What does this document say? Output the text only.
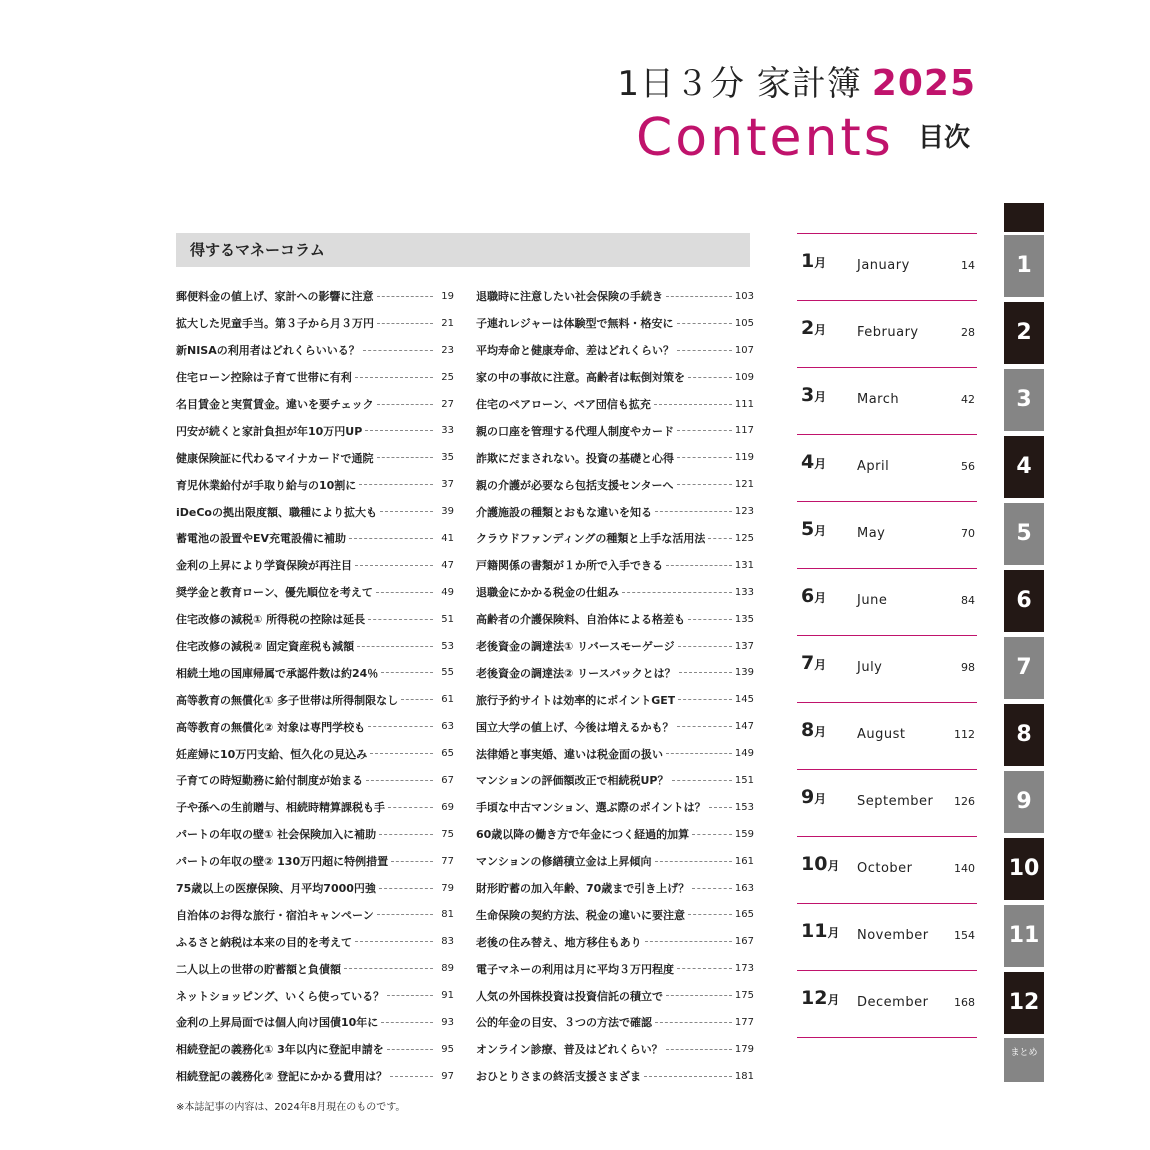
1日３分 家計簿 2025
Contents 目次
得するマネーコラム
郵便料金の値上げ、家計への影響に注意	19
拡大した児童手当。第３子から月３万円	21
新NISAの利用者はどれくらいいる？	23
住宅ローン控除は子育て世帯に有利	25
名目賃金と実質賃金。違いを要チェック	27
円安が続くと家計負担が年10万円UP	33
健康保険証に代わるマイナカードで通院	35
育児休業給付が手取り給与の10割に	37
iDeCoの拠出限度額、職種により拡大も	39
蓄電池の設置やEV充電設備に補助	41
金利の上昇により学資保険が再注目	47
奨学金と教育ローン、優先順位を考えて	49
住宅改修の減税① 所得税の控除は延長	51
住宅改修の減税② 固定資産税も減額	53
相続土地の国庫帰属で承認件数は約24％	55
高等教育の無償化① 多子世帯は所得制限なし	61
高等教育の無償化② 対象は専門学校も	63
妊産婦に10万円支給、恒久化の見込み	65
子育ての時短勤務に給付制度が始まる	67
子や孫への生前贈与、相続時精算課税も手	69
パートの年収の壁① 社会保険加入に補助	75
パートの年収の壁② 130万円超に特例措置	77
75歳以上の医療保険、月平均7000円強	79
自治体のお得な旅行・宿泊キャンペーン	81
ふるさと納税は本来の目的を考えて	83
二人以上の世帯の貯蓄額と負債額	89
ネットショッピング、いくら使っている？	91
金利の上昇局面では個人向け国債10年に	93
相続登記の義務化① 3年以内に登記申請を	95
相続登記の義務化② 登記にかかる費用は？	97
退職時に注意したい社会保険の手続き	103
子連れレジャーは体験型で無料・格安に	105
平均寿命と健康寿命、差はどれくらい？	107
家の中の事故に注意。高齢者は転倒対策を	109
住宅のペアローン、ペア団信も拡充	111
親の口座を管理する代理人制度やカード	117
詐欺にだまされない。投資の基礎と心得	119
親の介護が必要なら包括支援センターへ	121
介護施設の種類とおもな違いを知る	123
クラウドファンディングの種類と上手な活用法	125
戸籍関係の書類が１か所で入手できる	131
退職金にかかる税金の仕組み	133
高齢者の介護保険料、自治体による格差も	135
老後資金の調達法① リバースモーゲージ	137
老後資金の調達法② リースバックとは？	139
旅行予約サイトは効率的にポイントGET	145
国立大学の値上げ、今後は増えるかも？	147
法律婚と事実婚、違いは税金面の扱い	149
マンションの評価額改正で相続税UP？	151
手頃な中古マンション、選ぶ際のポイントは？	153
60歳以降の働き方で年金につく経過的加算	159
マンションの修繕積立金は上昇傾向	161
財形貯蓄の加入年齢、70歳まで引き上げ？	163
生命保険の契約方法、税金の違いに要注意	165
老後の住み替え、地方移住もあり	167
電子マネーの利用は月に平均３万円程度	173
人気の外国株投資は投資信託の積立で	175
公的年金の目安、３つの方法で確認	177
オンライン診療、普及はどれくらい？	179
おひとりさまの終活支援さまざま	181
※本誌記事の内容は、2024年8月現在のものです。
1月 January	14
2月 February	28
3月 March	42
4月 April	56
5月 May	70
6月 June	84
7月 July	98
8月 August	112
9月 September 126
10月 October	140
11月 November 154
12月 December 168
1
2
3
4
5
6
7
8
9
10
11
12
まとめ
